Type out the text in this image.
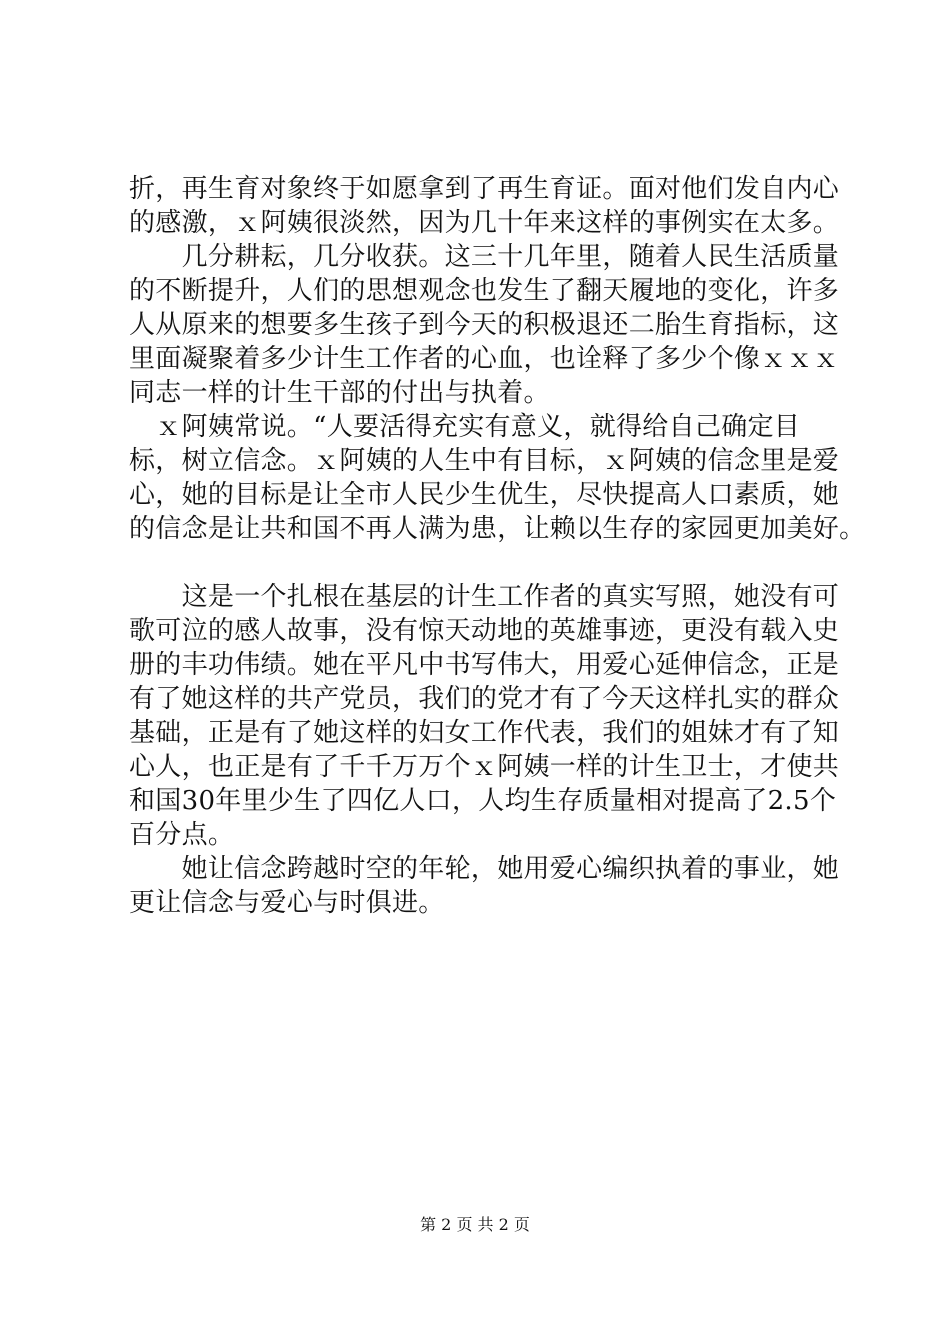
折，再生育对象终于如愿拿到了再生育证。面对他们发自内心
的感激，ｘ阿姨很淡然，因为几十年来这样的事例实在太多。
　　几分耕耘，几分收获。这三十几年里，随着人民生活质量
的不断提升，人们的思想观念也发生了翻天履地的变化，许多
人从原来的想要多生孩子到今天的积极退还二胎生育指标，这
里面凝聚着多少计生工作者的心血，也诠释了多少个像ｘｘｘ
同志一样的计生干部的付出与执着。
　ｘ阿姨常说。“人要活得充实有意义，就得给自己确定目
标，树立信念。ｘ阿姨的人生中有目标，ｘ阿姨的信念里是爱
心，她的目标是让全市人民少生优生，尽快提高人口素质，她
的信念是让共和国不再人满为患，让赖以生存的家园更加美好。
　　这是一个扎根在基层的计生工作者的真实写照，她没有可
歌可泣的感人故事，没有惊天动地的英雄事迹，更没有载入史
册的丰功伟绩。她在平凡中书写伟大，用爱心延伸信念，正是
有了她这样的共产党员，我们的党才有了今天这样扎实的群众
基础，正是有了她这样的妇女工作代表，我们的姐妹才有了知
心人，也正是有了千千万万个ｘ阿姨一样的计生卫士，才使共
和国30年里少生了四亿人口，人均生存质量相对提高了2.5个
百分点。
　　她让信念跨越时空的年轮，她用爱心编织执着的事业，她
更让信念与爱心与时俱进。
第 2 页 共 2 页
